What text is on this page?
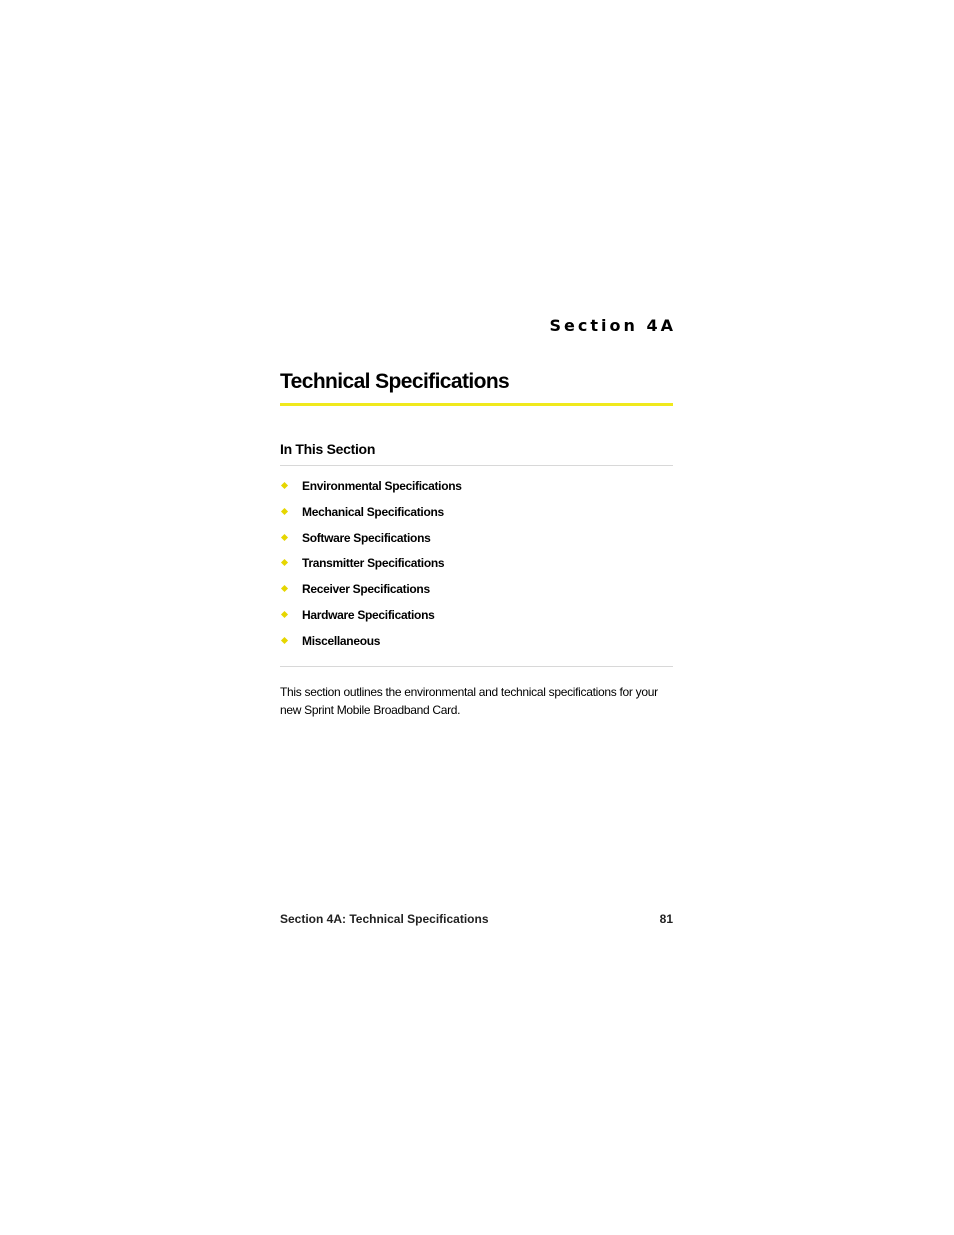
Section 4A
Technical Specifications
In This Section
Environmental Specifications
Mechanical Specifications
Software Specifications
Transmitter Specifications
Receiver Specifications
Hardware Specifications
Miscellaneous

This section outlines the environmental and technical specifications for your new Sprint Mobile Broadband Card.

Section 4A: Technical Specifications	81
